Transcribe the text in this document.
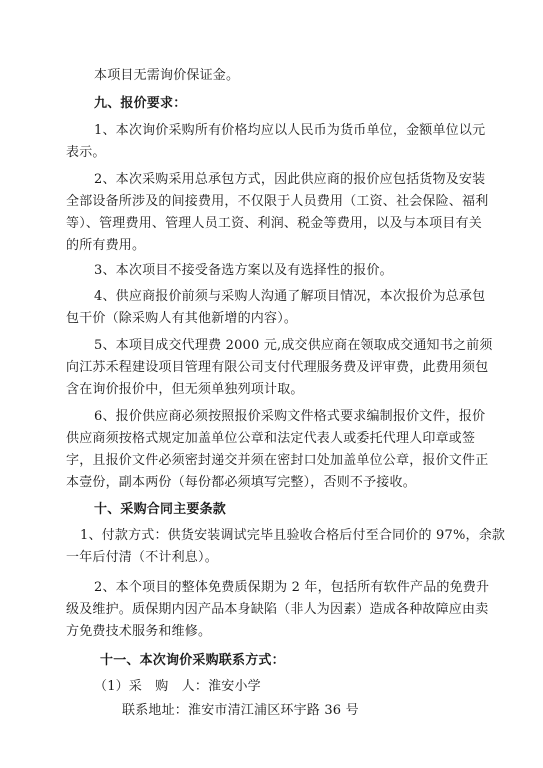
本项目无需询价保证金。
九、报价要求：
1、本次询价采购所有价格均应以人民币为货币单位，金额单位以元
表示。
2、本次采购采用总承包方式，因此供应商的报价应包括货物及安装
全部设备所涉及的间接费用，不仅限于人员费用（工资、社会保险、福利
等）、管理费用、管理人员工资、利润、税金等费用，以及与本项目有关
的所有费用。
3、本次项目不接受备选方案以及有选择性的报价。
4、供应商报价前须与采购人沟通了解项目情况，本次报价为总承包
包干价（除采购人有其他新增的内容）。
5、本项目成交代理费 2000 元,成交供应商在领取成交通知书之前须
向江苏禾程建设项目管理有限公司支付代理服务费及评审费，此费用须包
含在询价报价中，但无须单独列项计取。
6、报价供应商必须按照报价采购文件格式要求编制报价文件，报价
供应商须按格式规定加盖单位公章和法定代表人或委托代理人印章或签
字，且报价文件必须密封递交并须在密封口处加盖单位公章，报价文件正
本壹份，副本两份（每份都必须填写完整），否则不予接收。
十、采购合同主要条款
1、付款方式：供货安装调试完毕且验收合格后付至合同价的 97%，余款
一年后付清（不计利息）。
2、本个项目的整体免费质保期为 2 年，包括所有软件产品的免费升
级及维护。质保期内因产品本身缺陷（非人为因素）造成各种故障应由卖
方免费技术服务和维修。
十一、本次询价采购联系方式：
（1）采　购　人：淮安小学
联系地址：淮安市清江浦区环宇路 36 号
